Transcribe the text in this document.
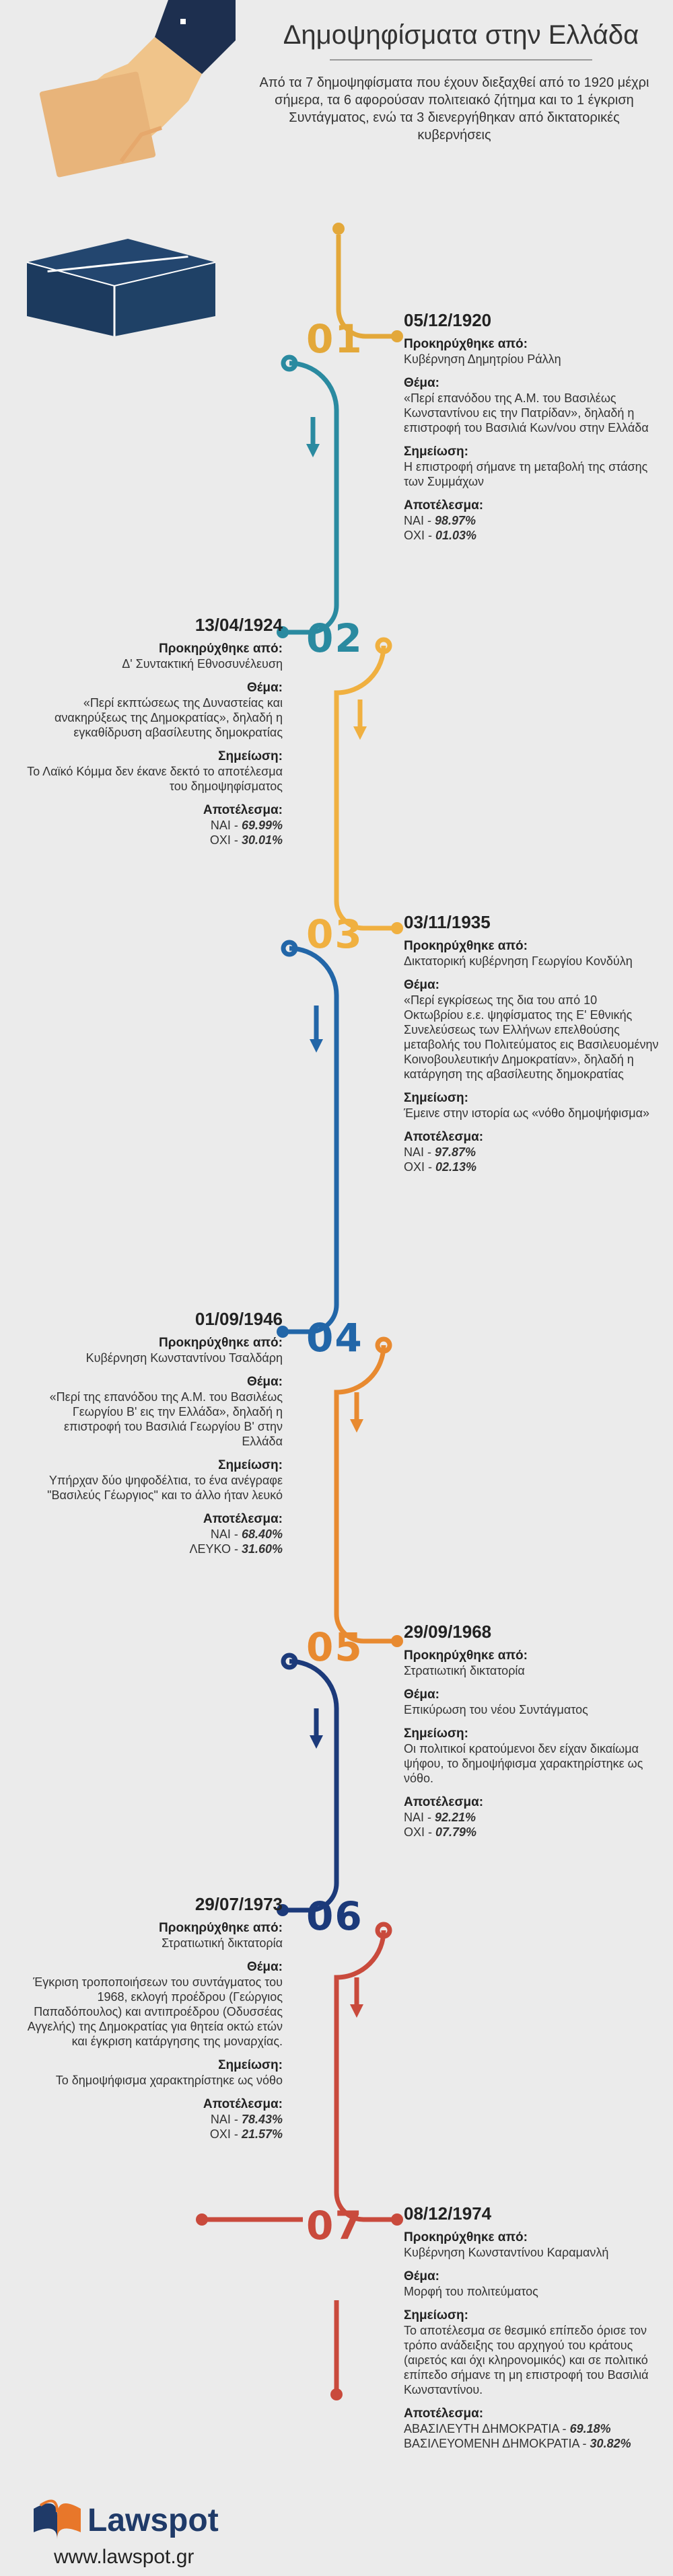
Δημοψηφίσματα στην Ελλάδα

Από τα 7 δημοψηφίσματα που έχουν διεξαχθεί από το 1920 μέχρι σήμερα, τα 6 αφορούσαν πολιτειακό ζήτημα και το 1 έγκριση Συντάγματος, ενώ τα 3 διενεργήθηκαν από δικτατορικές κυβερνήσεις

01
02
03
04
05
06
07
05/12/1920
Προκηρύχθηκε από:
Κυβέρνηση Δημητρίου Ράλλη
Θέμα:
«Περί επανόδου της Α.Μ. του Βασιλέως Κωνσταντίνου εις την Πατρίδαν», δηλαδή η επιστροφή του Βασιλιά Κων/νου στην Ελλάδα
Σημείωση:
Η επιστροφή σήμανε τη μεταβολή της στάσης των Συμμάχων
Αποτέλεσμα:
ΝΑΙ - 98.97%
ΟΧΙ - 01.03%
13/04/1924
Προκηρύχθηκε από:
Δ' Συντακτική Εθνοσυνέλευση
Θέμα:
«Περί εκπτώσεως της Δυναστείας και ανακηρύξεως της Δημοκρατίας», δηλαδή η εγκαθίδρυση αβασίλευτης δημοκρατίας
Σημείωση:
Το Λαϊκό Κόμμα δεν έκανε δεκτό το αποτέλεσμα του δημοψηφίσματος
Αποτέλεσμα:
ΝΑΙ - 69.99%
ΟΧΙ - 30.01%
03/11/1935
Προκηρύχθηκε από:
Δικτατορική κυβέρνηση Γεωργίου Κονδύλη
Θέμα:
«Περί εγκρίσεως της δια του από 10 Οκτωβρίου ε.ε. ψηφίσματος της Ε' Εθνικής Συνελεύσεως των Ελλήνων επελθούσης μεταβολής του Πολιτεύματος εις Βασιλευομένην Κοινοβουλευτικήν Δημοκρατίαν», δηλαδή η κατάργηση της αβασίλευτης δημοκρατίας
Σημείωση:
Έμεινε στην ιστορία ως «νόθο δημοψήφισμα»
Αποτέλεσμα:
ΝΑΙ - 97.87%
ΟΧΙ - 02.13%
01/09/1946
Προκηρύχθηκε από:
Κυβέρνηση Κωνσταντίνου Τσαλδάρη
Θέμα:
«Περί της επανόδου της Α.Μ. του Βασιλέως Γεωργίου Β' εις την Ελλάδα», δηλαδή η επιστροφή του Βασιλιά Γεωργίου Β' στην Ελλάδα
Σημείωση:
Υπήρχαν δύο ψηφοδέλτια, το ένα ανέγραφε "Βασιλεύς Γέωργιος" και το άλλο ήταν λευκό
Αποτέλεσμα:
ΝΑΙ - 68.40%
ΛΕΥΚΟ - 31.60%
29/09/1968
Προκηρύχθηκε από:
Στρατιωτική δικτατορία
Θέμα:
Επικύρωση του νέου Συντάγματος
Σημείωση:
Οι πολιτικοί κρατούμενοι δεν είχαν δικαίωμα ψήφου, το δημοψήφισμα χαρακτηρίστηκε ως νόθο.
Αποτέλεσμα:
ΝΑΙ - 92.21%
ΟΧΙ - 07.79%
29/07/1973
Προκηρύχθηκε από:
Στρατιωτική δικτατορία
Θέμα:
Έγκριση τροποποιήσεων του συντάγματος του 1968, εκλογή προέδρου (Γεώργιος Παπαδόπουλος) και αντιπροέδρου (Οδυσσέας Αγγελής) της Δημοκρατίας για θητεία οκτώ ετών και έγκριση κατάργησης της μοναρχίας.
Σημείωση:
Το δημοψήφισμα χαρακτηρίστηκε ως νόθο
Αποτέλεσμα:
ΝΑΙ - 78.43%
ΟΧΙ - 21.57%
08/12/1974
Προκηρύχθηκε από:
Κυβέρνηση Κωνσταντίνου Καραμανλή
Θέμα:
Μορφή του πολιτεύματος
Σημείωση:
Το αποτέλεσμα σε θεσμικό επίπεδο όρισε τον τρόπο ανάδειξης του αρχηγού του κράτους (αιρετός και όχι κληρονομικός) και σε πολιτικό επίπεδο σήμανε τη μη επιστροφή του Βασιλιά Κωνσταντίνου.
Αποτέλεσμα:
ΑΒΑΣΙΛΕΥΤΗ ΔΗΜΟΚΡΑΤΙΑ - 69.18%
ΒΑΣΙΛΕΥΟΜΕΝΗ ΔΗΜΟΚΡΑΤΙΑ - 30.82%
Lawspot
www.lawspot.gr
